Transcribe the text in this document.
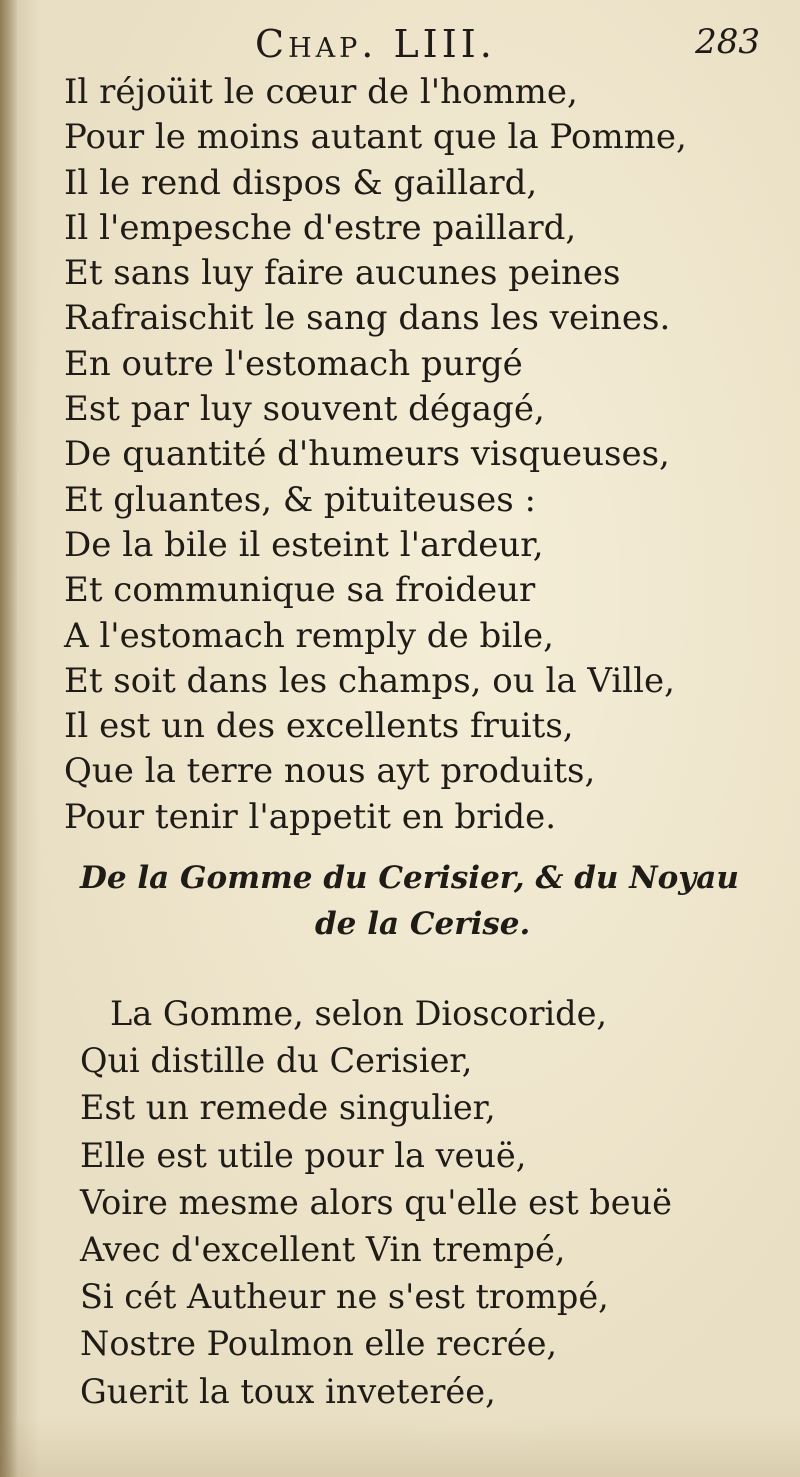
Chap. LIII.	283
Il réjoüit le cœur de l'homme,
Pour le moins autant que la Pomme,
Il le rend dispos & gaillard,
Il l'empesche d'estre paillard,
Et sans luy faire aucunes peines
Rafraischit le sang dans les veines.
En outre l'estomach purgé
Est par luy souvent dégagé,
De quantité d'humeurs visqueuses,
Et gluantes, & pituiteuses :
De la bile il esteint l'ardeur,
Et communique sa froideur
A l'estomach remply de bile,
Et soit dans les champs, ou la Ville,
Il est un des excellents fruits,
Que la terre nous ayt produits,
Pour tenir l'appetit en bride.
De la Gomme du Cerisier, & du Noyau
de la Cerise.
La Gomme, selon Dioscoride,
Qui distille du Cerisier,
Est un remede singulier,
Elle est utile pour la veuë,
Voire mesme alors qu'elle est beuë
Avec d'excellent Vin trempé,
Si cét Autheur ne s'est trompé,
Nostre Poulmon elle recrée,
Guerit la toux inveterée,
